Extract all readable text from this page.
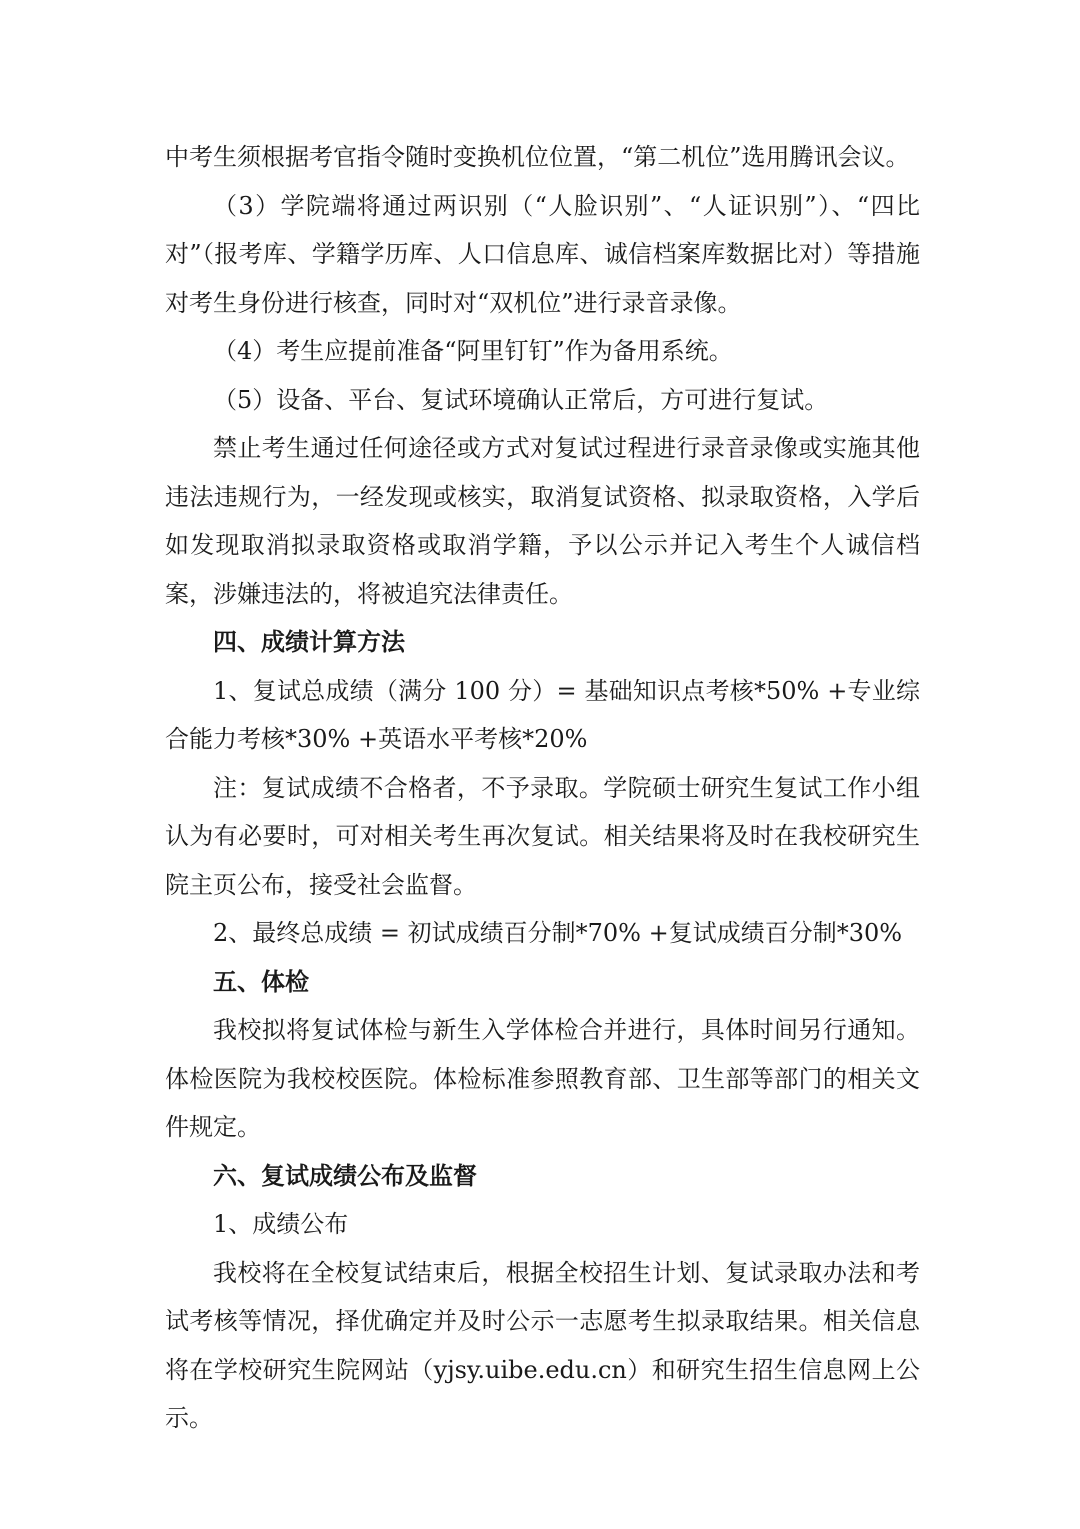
中考生须根据考官指令随时变换机位位置，“第二机位”选用腾讯会议。

（3）学院端将通过两识别（“人脸识别”、“人证识别”）、“四比对”（报考库、学籍学历库、人口信息库、诚信档案库数据比对）等措施对考生身份进行核查，同时对“双机位”进行录音录像。

（4）考生应提前准备“阿里钉钉”作为备用系统。

（5）设备、平台、复试环境确认正常后，方可进行复试。

禁止考生通过任何途径或方式对复试过程进行录音录像或实施其他违法违规行为，一经发现或核实，取消复试资格、拟录取资格，入学后如发现取消拟录取资格或取消学籍，予以公示并记入考生个人诚信档案，涉嫌违法的，将被追究法律责任。

四、成绩计算方法

1、复试总成绩（满分 100 分）= 基础知识点考核*50% +专业综合能力考核*30% +英语水平考核*20%

注：复试成绩不合格者，不予录取。学院硕士研究生复试工作小组认为有必要时，可对相关考生再次复试。相关结果将及时在我校研究生院主页公布，接受社会监督。

2、最终总成绩 = 初试成绩百分制*70% +复试成绩百分制*30%

五、体检

我校拟将复试体检与新生入学体检合并进行，具体时间另行通知。体检医院为我校校医院。体检标准参照教育部、卫生部等部门的相关文件规定。

六、复试成绩公布及监督

1、成绩公布

我校将在全校复试结束后，根据全校招生计划、复试录取办法和考试考核等情况，择优确定并及时公示一志愿考生拟录取结果。相关信息将在学校研究生院网站（yjsy.uibe.edu.cn）和研究生招生信息网上公示。
